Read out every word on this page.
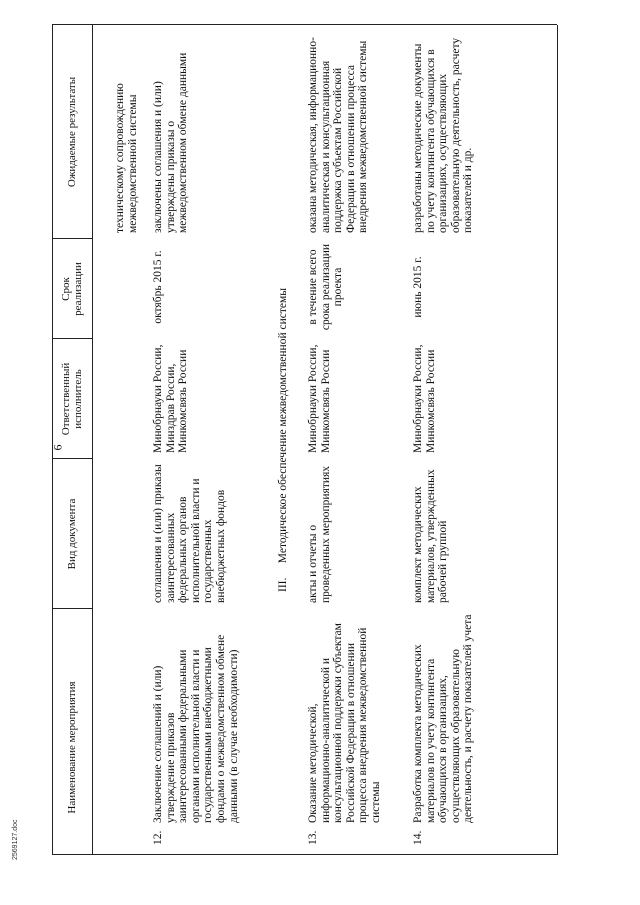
6
Наименование мероприятия
Вид документа
Ответственный исполнитель
Срок реализации
Ожидаемые результаты	техническому сопровождению межведомственной системы
12.
Заключение соглашений и (или) утверждение приказов заинтересованными федеральными органами исполнительной власти и государственными внебюджетными фондами о межведомственном обмене данными (в случае необходимости)
соглашения и (или) приказы заинтересованных федеральных органов исполнительной власти и государственных внебюджетных фондов
Минобрнауки России, Минздрав России, Минкомсвязь России
октябрь 2015 г.
заключены соглашения и (или) утверждены приказы о межведомственном обмене данными
III.     Методическое обеспечение межведомственной системы
13.
Оказание методической, информационно-аналитической и консультационной поддержки субъектам Российской Федерации в отношении процесса внедрения межведомственной системы
акты и отчеты о проведенных мероприятиях
Минобрнауки России, Минкомсвязь России
в течение всего срока реализации проекта
оказана методическая, информационно-аналитическая и консультационная поддержка субъектам Российской Федерации в отношении процесса внедрения межведомственной системы
14.
Разработка комплекта методических материалов по учету контингента обучающихся в организациях, осуществляющих образовательную деятельность, и расчету показателей учета
комплект методических материалов, утвержденных рабочей группой
Минобрнауки России, Минкомсвязь России
июнь 2015 г.
разработаны методические документы по учету контингента обучающихся в организациях, осуществляющих образовательную деятельность, расчету показателей и др.
2569127.doc
